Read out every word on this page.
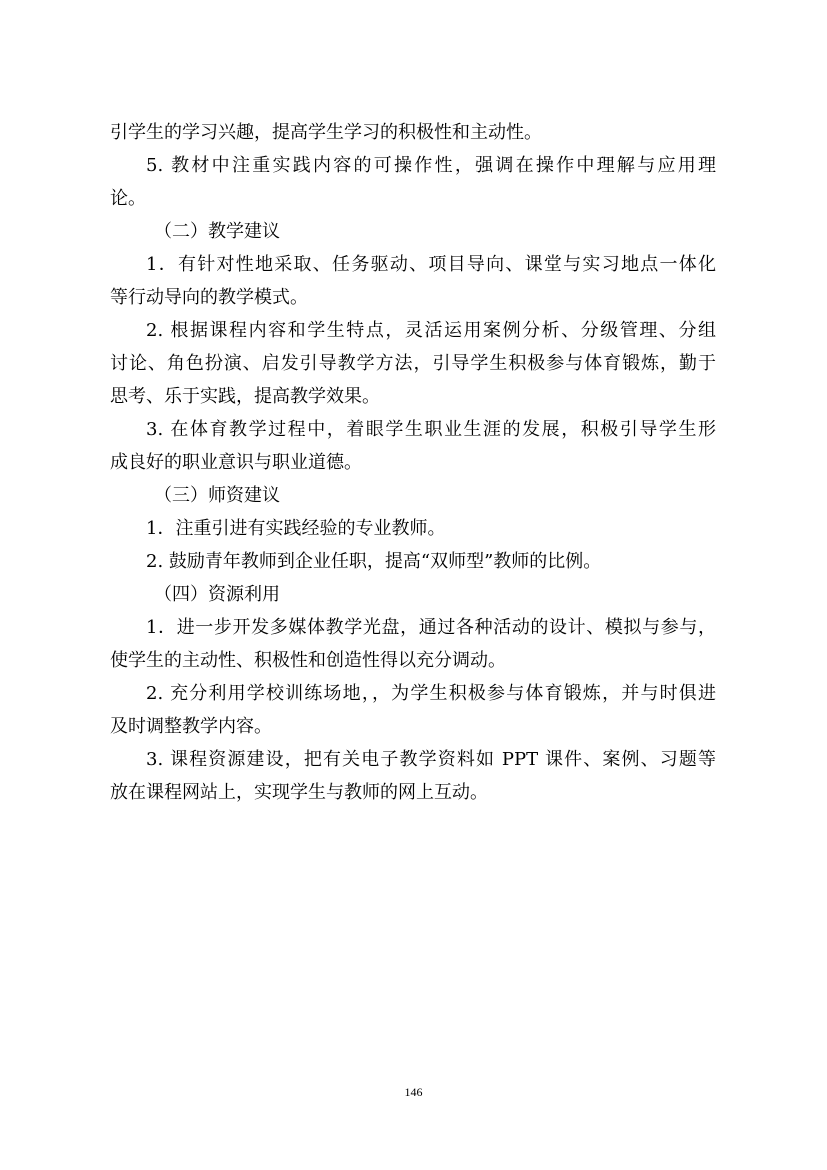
引学生的学习兴趣，提高学生学习的积极性和主动性。
5. 教材中注重实践内容的可操作性，强调在操作中理解与应用理
论。
（二）教学建议
1．有针对性地采取、任务驱动、项目导向、课堂与实习地点一体化
等行动导向的教学模式。
2. 根据课程内容和学生特点，灵活运用案例分析、分级管理、分组
讨论、角色扮演、启发引导教学方法，引导学生积极参与体育锻炼，勤于
思考、乐于实践，提高教学效果。
3. 在体育教学过程中，着眼学生职业生涯的发展，积极引导学生形
成良好的职业意识与职业道德。
（三）师资建议
1．注重引进有实践经验的专业教师。
2. 鼓励青年教师到企业任职，提高“双师型”教师的比例。
（四）资源利用
1．进一步开发多媒体教学光盘，通过各种活动的设计、模拟与参与，
使学生的主动性、积极性和创造性得以充分调动。
2. 充分利用学校训练场地，，为学生积极参与体育锻炼，并与时俱进
及时调整教学内容。
3. 课程资源建设，把有关电子教学资料如 PPT 课件、案例、习题等
放在课程网站上，实现学生与教师的网上互动。
146
